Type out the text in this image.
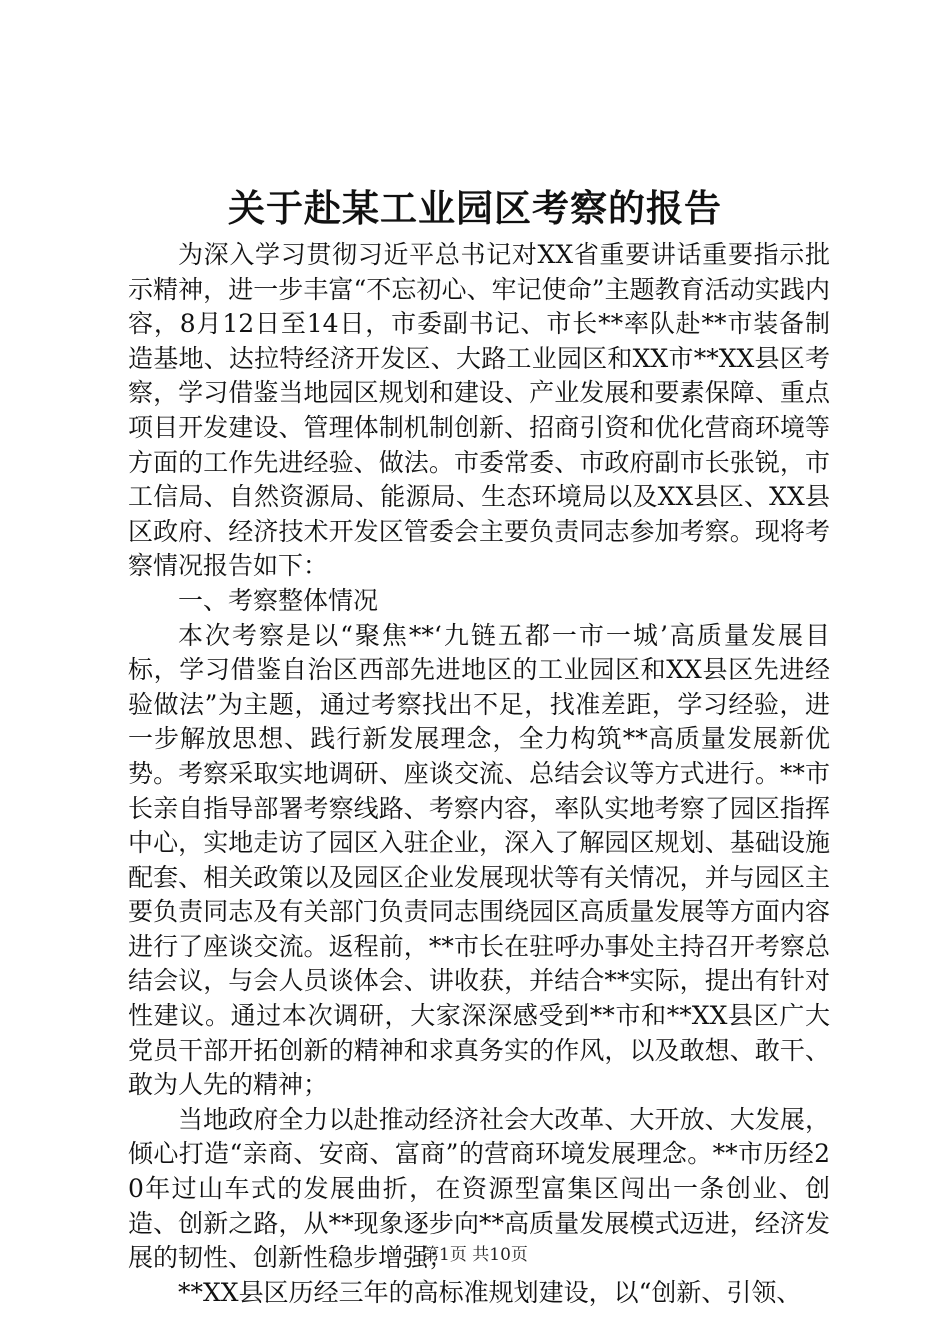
关于赴某工业园区考察的报告

为深入学习贯彻习近平总书记对XX省重要讲话重要指示批示精神，进一步丰富“不忘初心、牢记使命”主题教育活动实践内容，8月12日至14日，市委副书记、市长**率队赴**市装备制造基地、达拉特经济开发区、大路工业园区和XX市**XX县区考察，学习借鉴当地园区规划和建设、产业发展和要素保障、重点项目开发建设、管理体制机制创新、招商引资和优化营商环境等方面的工作先进经验、做法。市委常委、市政府副市长张锐，市工信局、自然资源局、能源局、生态环境局以及XX县区、XX县区政府、经济技术开发区管委会主要负责同志参加考察。现将考察情况报告如下：

一、考察整体情况

本次考察是以“聚焦**‘九链五都一市一城’高质量发展目标，学习借鉴自治区西部先进地区的工业园区和XX县区先进经验做法”为主题，通过考察找出不足，找准差距，学习经验，进一步解放思想、践行新发展理念，全力构筑**高质量发展新优势。考察采取实地调研、座谈交流、总结会议等方式进行。**市长亲自指导部署考察线路、考察内容，率队实地考察了园区指挥中心，实地走访了园区入驻企业，深入了解园区规划、基础设施配套、相关政策以及园区企业发展现状等有关情况，并与园区主要负责同志及有关部门负责同志围绕园区高质量发展等方面内容进行了座谈交流。返程前，**市长在驻呼办事处主持召开考察总结会议，与会人员谈体会、讲收获，并结合**实际，提出有针对性建议。通过本次调研，大家深深感受到**市和**XX县区广大党员干部开拓创新的精神和求真务实的作风，以及敢想、敢干、敢为人先的精神；

当地政府全力以赴推动经济社会大改革、大开放、大发展，倾心打造“亲商、安商、富商”的营商环境发展理念。**市历经20年过山车式的发展曲折，在资源型富集区闯出一条创业、创造、创新之路，从**现象逐步向**高质量发展模式迈进，经济发展的韧性、创新性稳步增强；

**XX县区历经三年的高标准规划建设，以“创新、引领、

第1页 共10页
